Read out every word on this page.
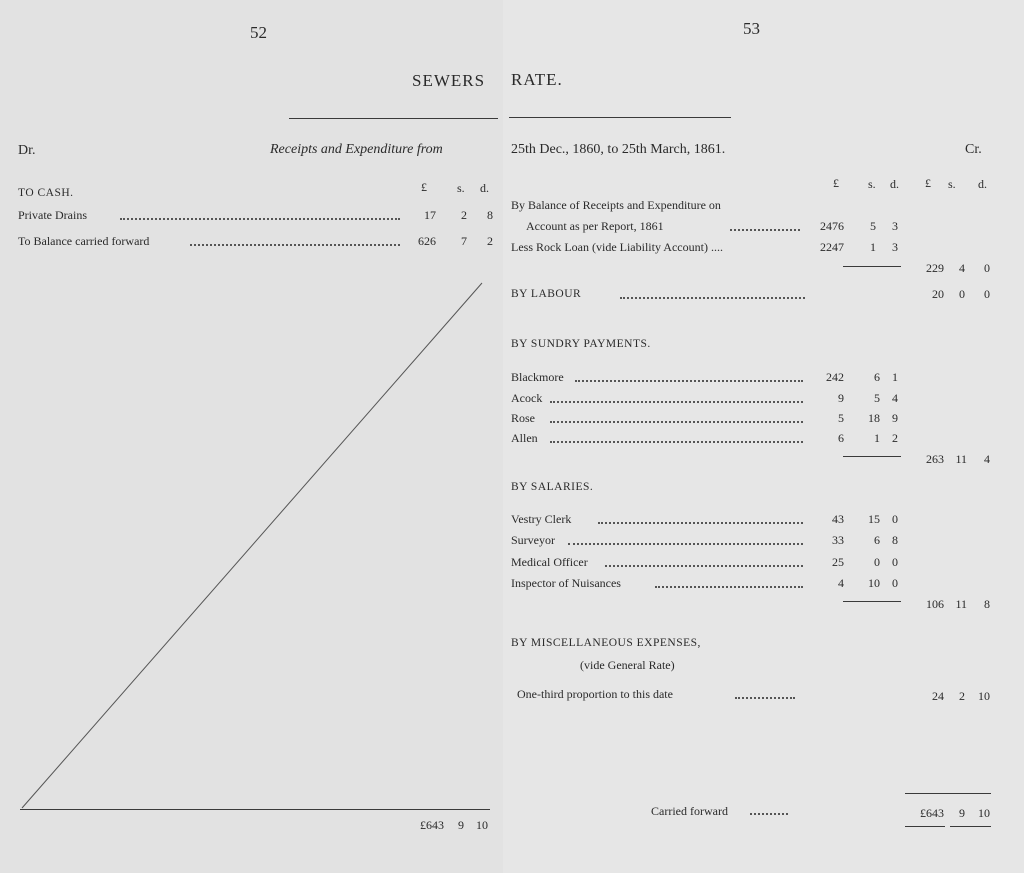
52
SEWERS
Dr.	Receipts and Expenditure from
TO CASH.	£	s. d.
Private Drains	17	2	8
To Balance carried forward	626	7	2
£643	9	10
53
RATE.
25th Dec., 1860, to 25th March, 1861.	Cr.
£ s. d. £ s. d.
By Balance of Receipts and Expenditure on
Account as per Report, 1861	2476	5	3
Less Rock Loan (vide Liability Account) ....	2247	1	3
229	4	0
BY LABOUR	20	0	0
BY SUNDRY PAYMENTS.
Blackmore	242	6	1
Acock	9	5	4
Rose	5	18	9
Allen	6	1	2
263 11	4
BY SALARIES.
Vestry Clerk	43	15	0
Surveyor	33	6	8
Medical Officer	25	0	0
Inspector of Nuisances	4	10	0
106 11	8
BY MISCELLANEOUS EXPENSES,
(vide General Rate)
One-third proportion to this date	24	2	10
Carried forward	£643	9	10
